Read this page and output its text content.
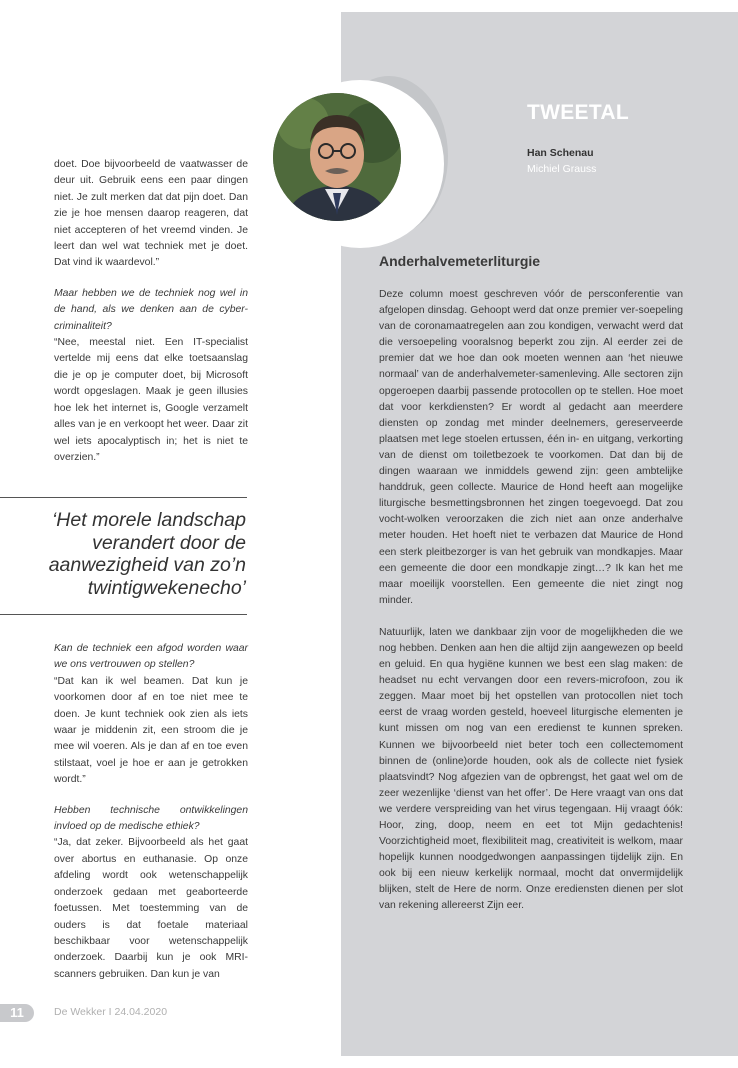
doet. Doe bijvoorbeeld de vaatwasser de deur uit. Gebruik eens een paar dingen niet. Je zult merken dat dat pijn doet. Dan zie je hoe mensen daarop reageren, dat niet accepteren of het vreemd vinden. Je leert dan wel wat techniek met je doet. Dat vind ik waardevol.”

Maar hebben we de techniek nog wel in de hand, als we denken aan de cyber-criminaliteit?

“Nee, meestal niet. Een IT-specialist vertelde mij eens dat elke toetsaanslag die je op je computer doet, bij Microsoft wordt opgeslagen. Maak je geen illusies hoe lek het internet is, Google verzamelt alles van je en verkoopt het weer. Daar zit wel iets apocalyptisch in; het is niet te overzien.”

‘Het morele landschap verandert door de aanwezigheid van zo’n twintigwekenecho’

Kan de techniek een afgod worden waar we ons vertrouwen op stellen?

“Dat kan ik wel beamen. Dat kun je voorkomen door af en toe niet mee te doen. Je kunt techniek ook zien als iets waar je middenin zit, een stroom die je mee wil voeren. Als je dan af en toe even stilstaat, voel je hoe er aan je getrokken wordt.”

Hebben technische ontwikkelingen invloed op de medische ethiek?

“Ja, dat zeker. Bijvoorbeeld als het gaat over abortus en euthanasie. Op onze afdeling wordt ook wetenschappelijk onderzoek gedaan met geaborteerde foetussen. Met toestemming van de ouders is dat foetale materiaal beschikbaar voor wetenschappelijk onderzoek. Daarbij kun je ook MRI-scanners gebruiken. Dan kun je van

TWEETAL
Han Schenau
Michiel Grauss
Anderhalvemeterliturgie

Deze column moest geschreven vóór de persconferentie van afgelopen dinsdag. Gehoopt werd dat onze premier ver-soepeling van de coronamaatregelen aan zou kondigen, verwacht werd dat die versoepeling vooralsnog beperkt zou zijn. Al eerder zei de premier dat we hoe dan ook moeten wennen aan ‘het nieuwe normaal’ van de anderhalvemeter-samenleving. Alle sectoren zijn opgeroepen daarbij passende protocollen op te stellen. Hoe moet dat voor kerkdiensten? Er wordt al gedacht aan meerdere diensten op zondag met minder deelnemers, gereserveerde plaatsen met lege stoelen ertussen, één in- en uitgang, verkorting van de dienst om toiletbezoek te voorkomen. Dat dan bij de dingen waaraan we inmiddels gewend zijn: geen ambtelijke handdruk, geen collecte. Maurice de Hond heeft aan mogelijke liturgische besmettingsbronnen het zingen toegevoegd. Dat zou vocht-wolken veroorzaken die zich niet aan onze anderhalve meter houden. Het hoeft niet te verbazen dat Maurice de Hond een sterk pleitbezorger is van het gebruik van mondkapjes. Maar een gemeente die door een mondkapje zingt…? Ik kan het me maar moeilijk voorstellen. Een gemeente die niet zingt nog minder.

Natuurlijk, laten we dankbaar zijn voor de mogelijkheden die we nog hebben. Denken aan hen die altijd zijn aangewezen op beeld en geluid. En qua hygiëne kunnen we best een slag maken: de headset nu echt vervangen door een revers-microfoon, zou ik zeggen. Maar moet bij het opstellen van protocollen niet toch eerst de vraag worden gesteld, hoeveel liturgische elementen je kunt missen om nog van een eredienst te kunnen spreken. Kunnen we bijvoorbeeld niet beter toch een collectemoment binnen de (online)orde houden, ook als de collecte niet fysiek plaatsvindt? Nog afgezien van de opbrengst, het gaat wel om de zeer wezenlijke ‘dienst van het offer’. De Here vraagt van ons dat we verdere verspreiding van het virus tegengaan. Hij vraagt óók: Hoor, zing, doop, neem en eet tot Mijn gedachtenis! Voorzichtigheid moet, flexibiliteit mag, creativiteit is welkom, maar hopelijk kunnen noodgedwongen aanpassingen tijdelijk zijn. En ook bij een nieuw kerkelijk normaal, mocht dat onvermijdelijk blijken, stelt de Here de norm. Onze erediensten dienen per slot van rekening allereerst Zijn eer.

11	De Wekker I 24.04.2020
